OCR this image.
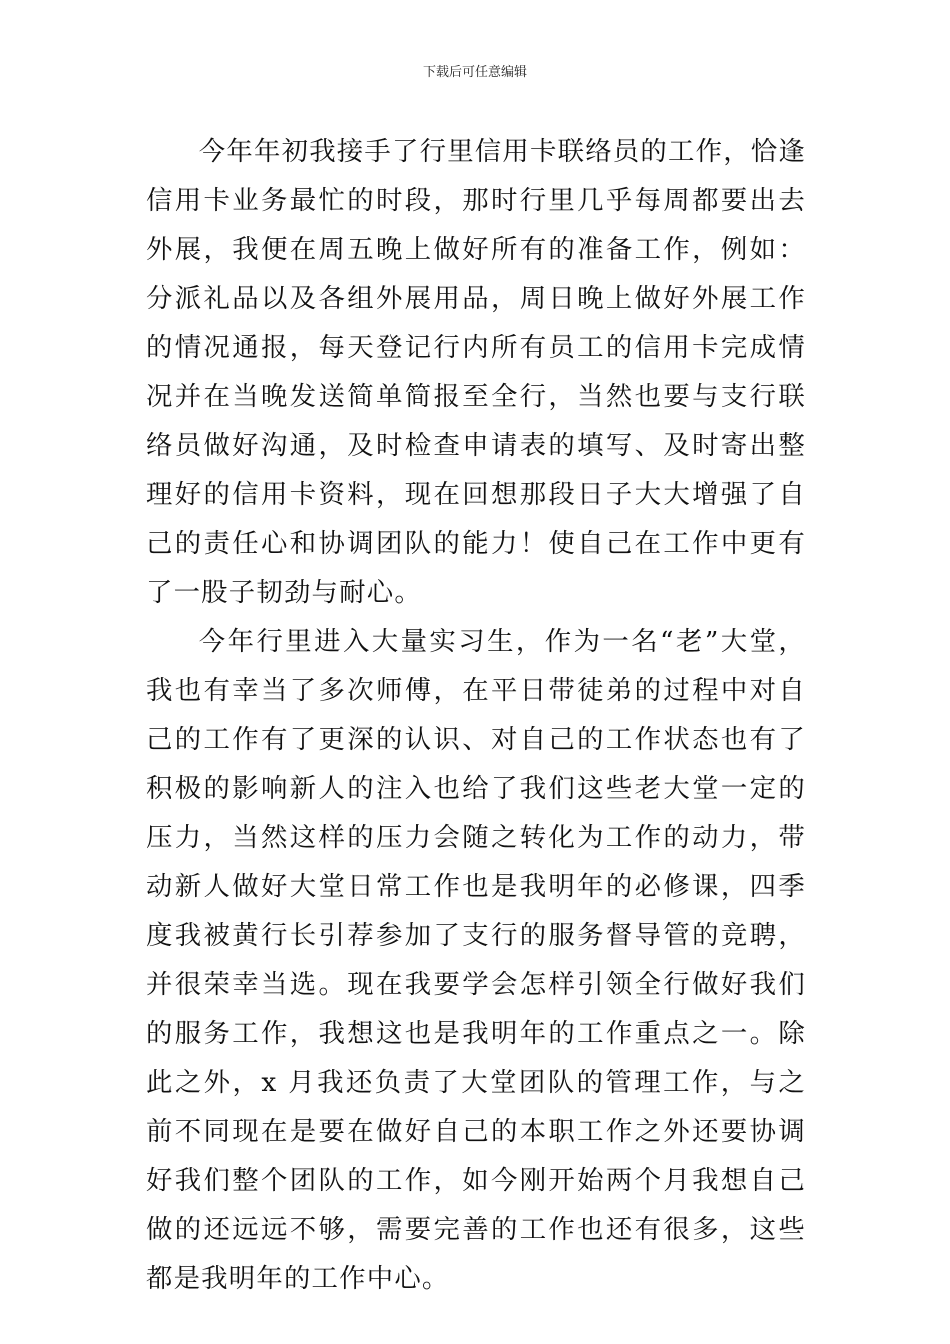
下载后可任意编辑

今年年初我接手了行里信用卡联络员的工作，恰逢信用卡业务最忙的时段，那时行里几乎每周都要出去外展，我便在周五晚上做好所有的准备工作，例如：分派礼品以及各组外展用品，周日晚上做好外展工作的情况通报，每天登记行内所有员工的信用卡完成情况并在当晚发送简单简报至全行，当然也要与支行联络员做好沟通，及时检查申请表的填写、及时寄出整理好的信用卡资料，现在回想那段日子大大增强了自己的责任心和协调团队的能力！使自己在工作中更有了一股子韧劲与耐心。

今年行里进入大量实习生，作为一名“老”大堂，我也有幸当了多次师傅，在平日带徒弟的过程中对自己的工作有了更深的认识、对自己的工作状态也有了积极的影响新人的注入也给了我们这些老大堂一定的压力，当然这样的压力会随之转化为工作的动力，带动新人做好大堂日常工作也是我明年的必修课，四季度我被黄行长引荐参加了支行的服务督导管的竞聘，并很荣幸当选。现在我要学会怎样引领全行做好我们的服务工作，我想这也是我明年的工作重点之一。除此之外，x 月我还负责了大堂团队的管理工作，与之前不同现在是要在做好自己的本职工作之外还要协调好我们整个团队的工作，如今刚开始两个月我想自己做的还远远不够，需要完善的工作也还有很多，这些都是我明年的工作中心。
